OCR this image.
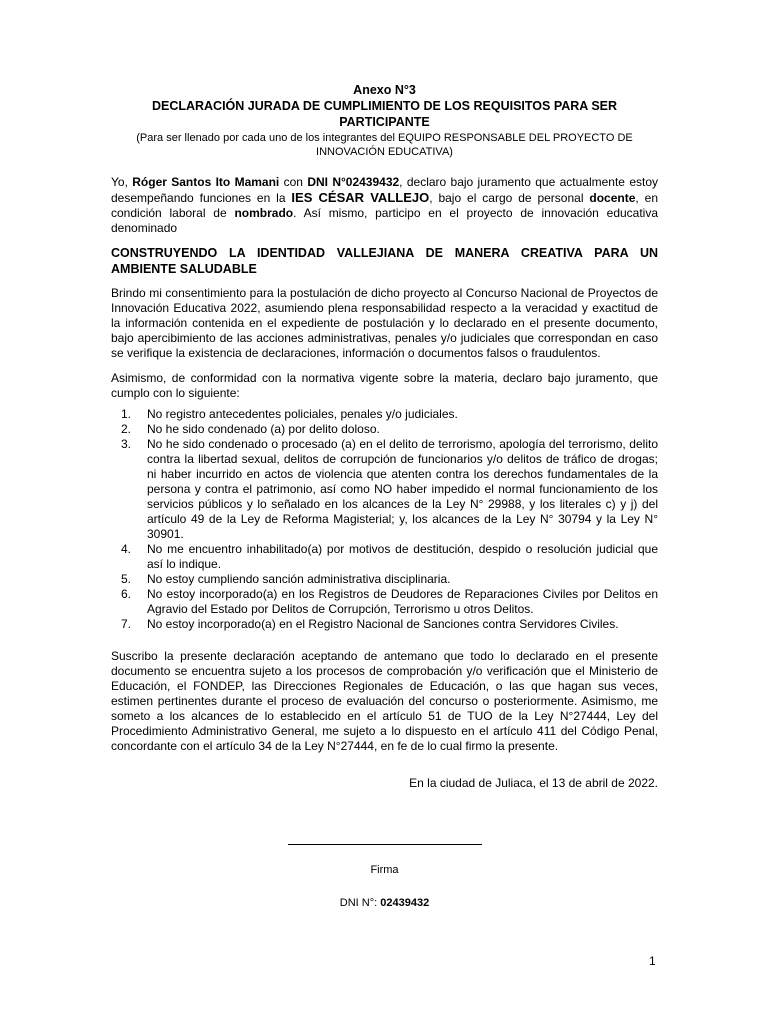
Anexo N°3
DECLARACIÓN JURADA DE CUMPLIMIENTO DE LOS REQUISITOS PARA SER PARTICIPANTE
(Para ser llenado por cada uno de los integrantes del EQUIPO RESPONSABLE DEL PROYECTO DE INNOVACIÓN EDUCATIVA)

Yo, Róger Santos Ito Mamani con DNI N°02439432, declaro bajo juramento que actualmente estoy desempeñando funciones en la IES CÉSAR VALLEJO, bajo el cargo de personal docente, en condición laboral de nombrado. Así mismo, participo en el proyecto de innovación educativa denominado

CONSTRUYENDO LA IDENTIDAD VALLEJIANA DE MANERA CREATIVA PARA UN AMBIENTE SALUDABLE

Brindo mi consentimiento para la postulación de dicho proyecto al Concurso Nacional de Proyectos de Innovación Educativa 2022, asumiendo plena responsabilidad respecto a la veracidad y exactitud de la información contenida en el expediente de postulación y lo declarado en el presente documento, bajo apercibimiento de las acciones administrativas, penales y/o judiciales que correspondan en caso se verifique la existencia de declaraciones, información o documentos falsos o fraudulentos.

Asimismo, de conformidad con la normativa vigente sobre la materia, declaro bajo juramento, que cumplo con lo siguiente:

1. No registro antecedentes policiales, penales y/o judiciales.
2. No he sido condenado (a) por delito doloso.
3. No he sido condenado o procesado (a) en el delito de terrorismo, apología del terrorismo, delito contra la libertad sexual, delitos de corrupción de funcionarios y/o delitos de tráfico de drogas; ni haber incurrido en actos de violencia que atenten contra los derechos fundamentales de la persona y contra el patrimonio, así como NO haber impedido el normal funcionamiento de los servicios públicos y lo señalado en los alcances de la Ley N° 29988, y los literales c) y j) del artículo 49 de la Ley de Reforma Magisterial; y, los alcances de la Ley N° 30794 y la Ley N° 30901.
4. No me encuentro inhabilitado(a) por motivos de destitución, despido o resolución judicial que así lo indique.
5. No estoy cumpliendo sanción administrativa disciplinaria.
6. No estoy incorporado(a) en los Registros de Deudores de Reparaciones Civiles por Delitos en Agravio del Estado por Delitos de Corrupción, Terrorismo u otros Delitos.
7. No estoy incorporado(a) en el Registro Nacional de Sanciones contra Servidores Civiles.

Suscribo la presente declaración aceptando de antemano que todo lo declarado en el presente documento se encuentra sujeto a los procesos de comprobación y/o verificación que el Ministerio de Educación, el FONDEP, las Direcciones Regionales de Educación, o las que hagan sus veces, estimen pertinentes durante el proceso de evaluación del concurso o posteriormente. Asimismo, me someto a los alcances de lo establecido en el artículo 51 de TUO de la Ley N°27444, Ley del Procedimiento Administrativo General, me sujeto a lo dispuesto en el artículo 411 del Código Penal, concordante con el artículo 34 de la Ley N°27444, en fe de lo cual firmo la presente.

En la ciudad de Juliaca, el 13 de abril de 2022.
Firma
DNI N°: 02439432
1
